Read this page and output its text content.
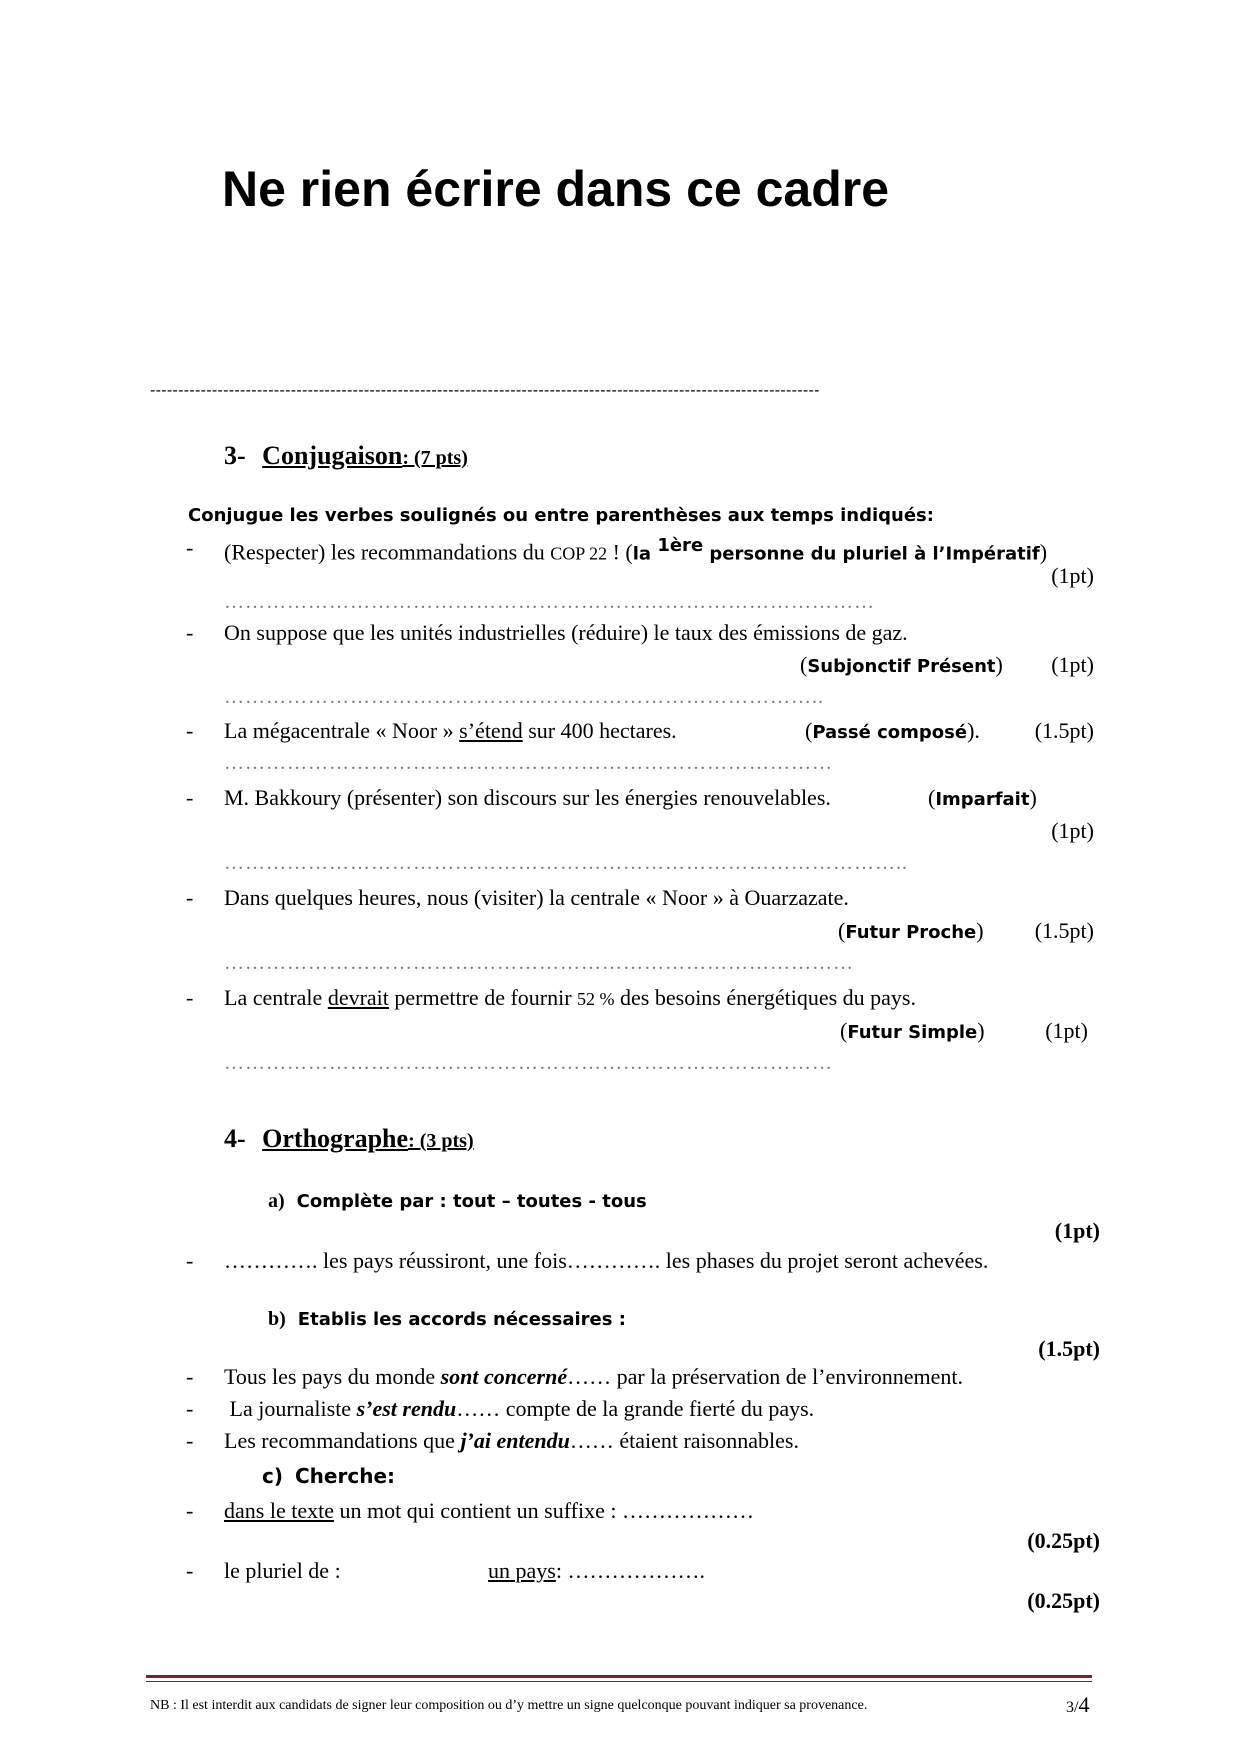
Ne rien écrire dans ce cadre
-----------------------------------------------------------------------------------------------------------------------
3- Conjugaison: (7 pts)
Conjugue les verbes soulignés ou entre parenthèses aux temps indiqués:
- (Respecter) les recommandations du COP 22 ! (la $^{1ère}$ personne du pluriel à l’Impératif)
(1pt)
…………………………………………………………………………………
- On suppose que les unités industrielles (réduire) le taux des émissions de gaz.
(Subjonctif Présent) (1pt)
…………………………………………………………………………..
- La mégacentrale « Noor » s’étend sur 400 hectares.	(Passé composé). (1.5pt)
……………………………………………………………………………
- M. Bakkoury (présenter) son discours sur les énergies renouvelables.	(Imparfait)
(1pt)
……………………………………………………………………………………..
- Dans quelques heures, nous (visiter) la centrale « Noor » à Ouarzazate.
(Futur Proche) (1.5pt)
………………………………………………………………………………
- La centrale devrait permettre de fournir 52 % des besoins énergétiques du pays.
(Futur Simple)	(1pt)
……………………………………………………………………………
4- Orthographe: (3 pts)
a) Complète par : tout – toutes - tous
(1pt)
- …………. les pays réussiront, une fois…………. les phases du projet seront achevées.
b) Etablis les accords nécessaires :
(1.5pt)
- Tous les pays du monde sont concerné…… par la préservation de l’environnement.
- La journaliste s’est rendu…… compte de la grande fierté du pays.
- Les recommandations que j’ai entendu…… étaient raisonnables.
c) Cherche:
- dans le texte un mot qui contient un suffixe : ………………
(0.25pt)
- le pluriel de :	un pays: ……………….
(0.25pt)
NB : Il est interdit aux candidats de signer leur composition ou d’y mettre un signe quelconque pouvant indiquer sa provenance.	3/4
